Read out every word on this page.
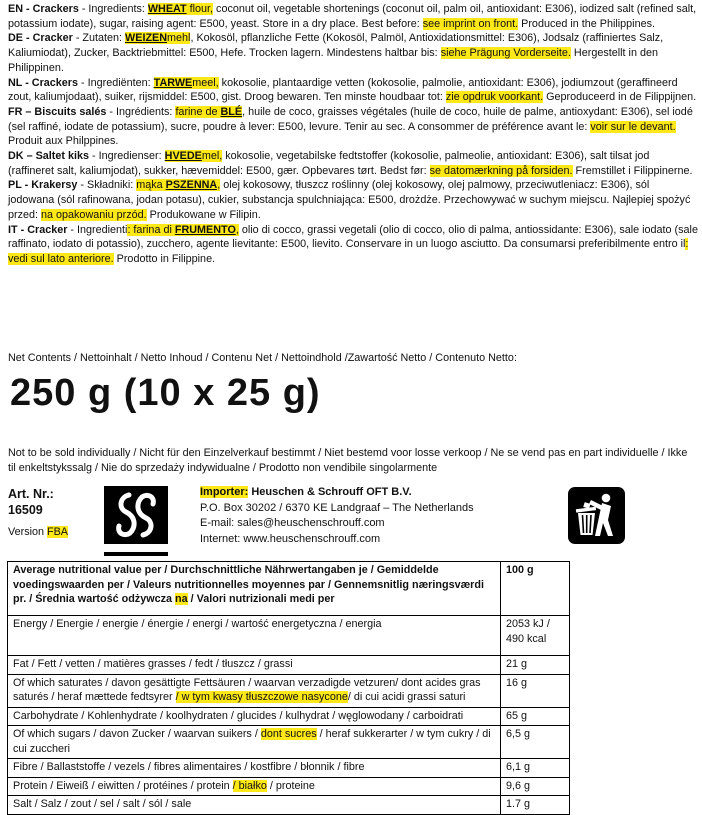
EN - Crackers - Ingredients: WHEAT flour, coconut oil, vegetable shortenings (coconut oil, palm oil, antioxidant: E306), iodized salt (refined salt, potassium iodate), sugar, raising agent: E500, yeast. Store in a dry place. Best before: see imprint on front. Produced in the Philippines.

DE - Cracker - Zutaten: WEIZENmehl, Kokosöl, pflanzliche Fette (Kokosöl, Palmöl, Antioxidationsmittel: E306), Jodsalz (raffiniertes Salz, Kaliumiodat), Zucker, Backtriebmittel: E500, Hefe. Trocken lagern. Mindestens haltbar bis: siehe Prägung Vorderseite. Hergestellt in den Philippinen.

NL - Crackers - Ingrediënten: TARWEmeel, kokosolie, plantaardige vetten (kokosolie, palmolie, antioxidant: E306), jodiumzout (geraffineerd zout, kaliumjodaat), suiker, rijsmiddel: E500, gist. Droog bewaren. Ten minste houdbaar tot: zie opdruk voorkant. Geproduceerd in de Filippijnen.

FR – Biscuits salés - Ingrédients: farine de BLÉ, huile de coco, graisses végétales (huile de coco, huile de palme, antioxydant: E306), sel iodé (sel raffiné, iodate de potassium), sucre, poudre à lever: E500, levure. Tenir au sec. A consommer de préférence avant le: voir sur le devant. Produit aux Philppines.

DK – Saltet kiks - Ingredienser: HVEDEmel, kokosolie, vegetabilske fedtstoffer (kokosolie, palmeolie, antioxidant: E306), salt tilsat jod (raffineret salt, kaliumjodat), sukker, hævemiddel: E500, gær. Opbevares tørt. Bedst før: se datomærkning på forsiden. Fremstillet i Filippinerne.

PL - Krakersy - Składniki: mąka PSZENNA, olej kokosowy, tłuszcz roślinny (olej kokosowy, olej palmowy, przeciwutleniacz: E306), sól jodowana (sól rafinowana, jodan potasu), cukier, substancja spulchniająca: E500, drożdże. Przechowywać w suchym miejscu. Najlepiej spożyć przed: na opakowaniu przód. Produkowane w Filipin.

IT - Cracker - Ingredienti: farina di FRUMENTO, olio di cocco, grassi vegetali (olio di cocco, olio di palma, antiossidante: E306), sale iodato (sale raffinato, iodato di potassio), zucchero, agente lievitante: E500, lievito. Conservare in un luogo asciutto. Da consumarsi preferibilmente entro il: vedi sul lato anteriore. Prodotto in Filippine.

Net Contents / Nettoinhalt / Netto Inhoud / Contenu Net / Nettoindhold /Zawartość Netto / Contenuto Netto:
250 g (10 x 25 g)
Not to be sold individually / Nicht für den Einzelverkauf bestimmt / Niet bestemd voor losse verkoop / Ne se vend pas en part individuelle / Ikke til enkeltstykssalg / Nie do sprzedaży indywidualne / Prodotto non vendibile singolarmente
Art. Nr.:
16509
Version FBA
Importer: Heuschen & Schrouff OFT B.V.
P.O. Box 30202 / 6370 KE Landgraaf – The Netherlands
E-mail: sales@heuschenschrouff.com
Internet: www.heuschenschrouff.com
Average nutritional value per / Durchschnittliche Nährwertangaben je / Gemiddelde voedingswaarden per / Valeurs nutritionnelles moyennes par / Gennemsnitlig næringsværdi pr. / Średnia wartość odżywcza na / Valori nutrizionali medi per	100 g
Energy / Energie / energie / énergie / energi / wartość energetyczna / energia	2053 kJ /
490 kcal

Fat / Fett / vetten / matières grasses / fedt / tłuszcz / grassi	21 g

Of which saturates / davon gesättigte Fettsäuren / waarvan verzadigde vetzuren/ dont acides gras saturés / heraf mættede fedtsyrer / w tym kwasy tłuszczowe nasycone/ di cui acidi grassi saturi	16 g

Carbohydrate / Kohlenhydrate / koolhydraten / glucides / kulhydrat / węglowodany / carboidrati	65 g

Of which sugars / davon Zucker / waarvan suikers / dont sucres / heraf sukkerarter / w tym cukry / di cui zuccheri	6,5 g

Fibre / Ballaststoffe / vezels / fibres alimentaires / kostfibre / błonnik / fibre	6,1 g

Protein / Eiweiß / eiwitten / protéines / protein / białko / proteine	9,6 g

Salt / Salz / zout / sel / salt / sól / sale	1.7 g
